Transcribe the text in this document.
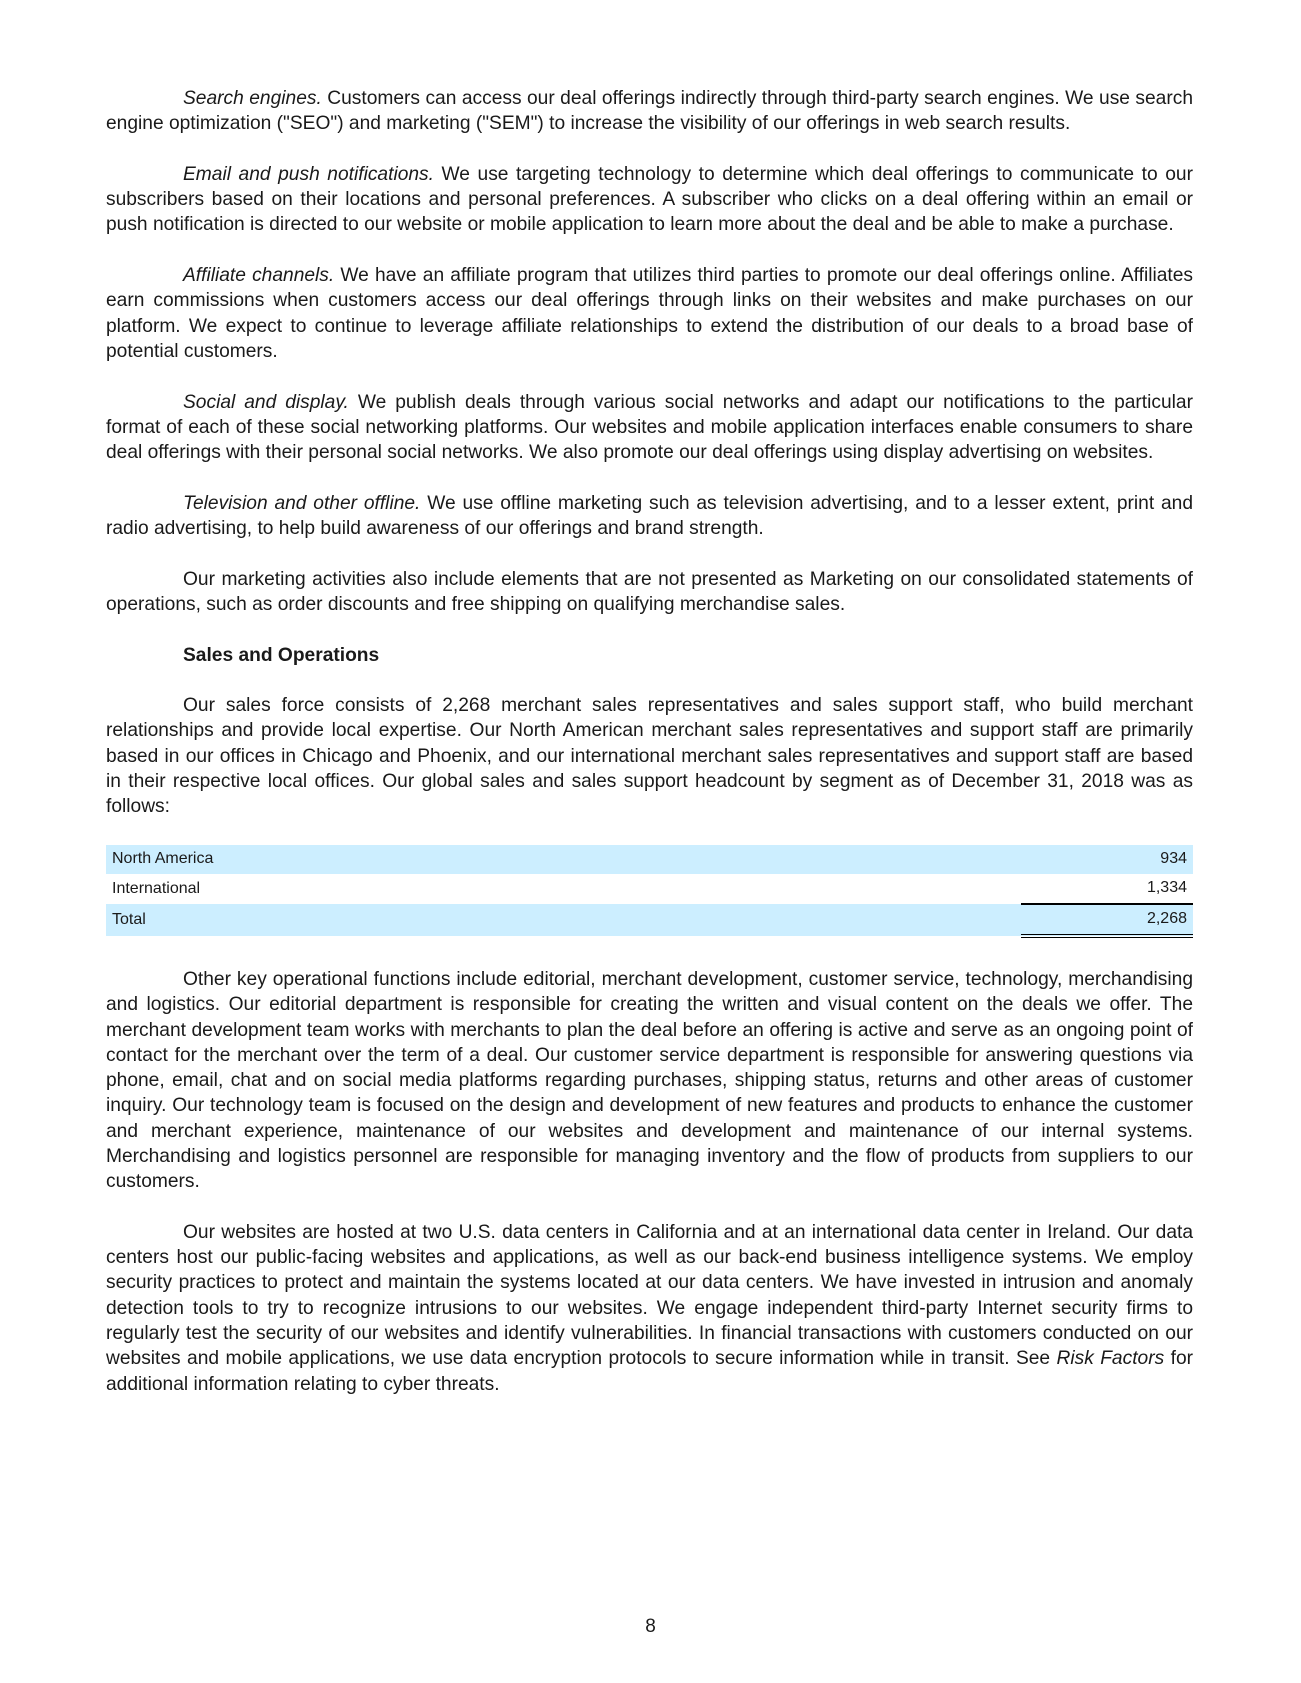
Search engines. Customers can access our deal offerings indirectly through third-party search engines. We use search engine optimization ("SEO") and marketing ("SEM") to increase the visibility of our offerings in web search results.

Email and push notifications. We use targeting technology to determine which deal offerings to communicate to our subscribers based on their locations and personal preferences. A subscriber who clicks on a deal offering within an email or push notification is directed to our website or mobile application to learn more about the deal and be able to make a purchase.

Affiliate channels. We have an affiliate program that utilizes third parties to promote our deal offerings online. Affiliates earn commissions when customers access our deal offerings through links on their websites and make purchases on our platform. We expect to continue to leverage affiliate relationships to extend the distribution of our deals to a broad base of potential customers.

Social and display. We publish deals through various social networks and adapt our notifications to the particular format of each of these social networking platforms. Our websites and mobile application interfaces enable consumers to share deal offerings with their personal social networks. We also promote our deal offerings using display advertising on websites.

Television and other offline. We use offline marketing such as television advertising, and to a lesser extent, print and radio advertising, to help build awareness of our offerings and brand strength.

Our marketing activities also include elements that are not presented as Marketing on our consolidated statements of operations, such as order discounts and free shipping on qualifying merchandise sales.

Sales and Operations

Our sales force consists of 2,268 merchant sales representatives and sales support staff, who build merchant relationships and provide local expertise. Our North American merchant sales representatives and support staff are primarily based in our offices in Chicago and Phoenix, and our international merchant sales representatives and support staff are based in their respective local offices. Our global sales and sales support headcount by segment as of December 31, 2018 was as follows:

North America	934
International	1,334
Total	2,268

Other key operational functions include editorial, merchant development, customer service, technology, merchandising and logistics. Our editorial department is responsible for creating the written and visual content on the deals we offer. The merchant development team works with merchants to plan the deal before an offering is active and serve as an ongoing point of contact for the merchant over the term of a deal. Our customer service department is responsible for answering questions via phone, email, chat and on social media platforms regarding purchases, shipping status, returns and other areas of customer inquiry. Our technology team is focused on the design and development of new features and products to enhance the customer and merchant experience, maintenance of our websites and development and maintenance of our internal systems. Merchandising and logistics personnel are responsible for managing inventory and the flow of products from suppliers to our customers.

Our websites are hosted at two U.S. data centers in California and at an international data center in Ireland. Our data centers host our public-facing websites and applications, as well as our back-end business intelligence systems. We employ security practices to protect and maintain the systems located at our data centers. We have invested in intrusion and anomaly detection tools to try to recognize intrusions to our websites. We engage independent third-party Internet security firms to regularly test the security of our websites and identify vulnerabilities. In financial transactions with customers conducted on our websites and mobile applications, we use data encryption protocols to secure information while in transit. See Risk Factors for additional information relating to cyber threats.

8
